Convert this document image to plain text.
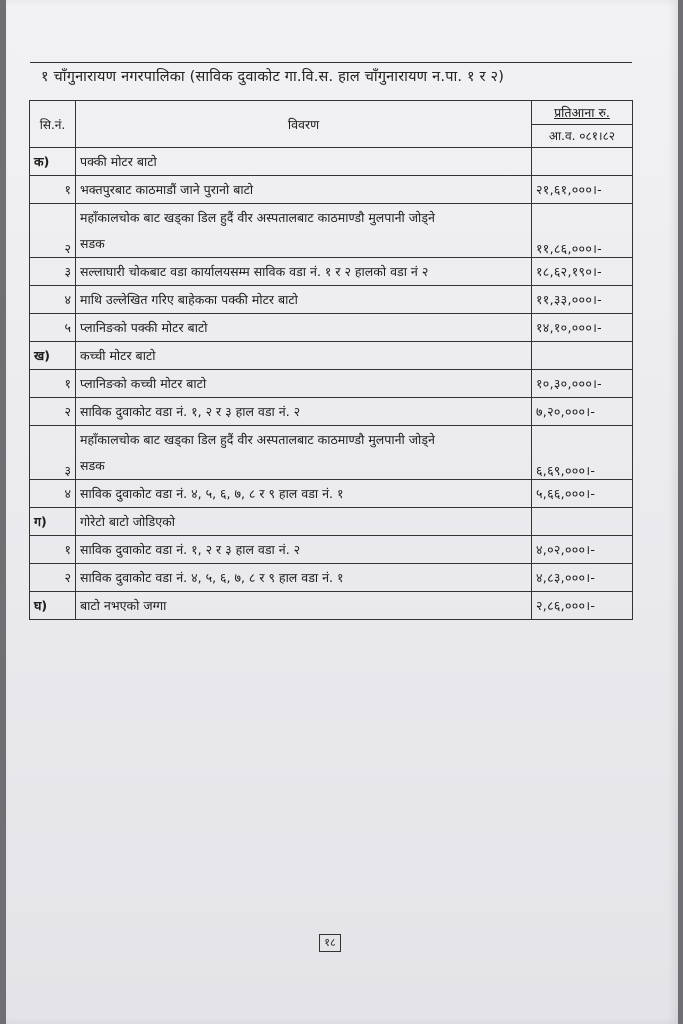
१ चाँगुनारायण नगरपालिका (साविक दुवाकोट गा.वि.स. हाल चाँगुनारायण न.पा. १ र २)
सि.नं.	विवरण	प्रतिआना रु.
आ.व. ०८१।८२

क)	पक्की मोटर बाटो	
१	भक्तपुरबाट काठमाडौं जाने पुरानो बाटो	२१,६१,०००।-
२	महाँकालचोक बाट खड्का डिल हुदैं वीर अस्पतालबाट काठमाण्डौ मुलपानी जोड्ने
सडक	११,८६,०००।-
३	सल्लाघारी चोकबाट वडा कार्यालयसम्म साविक वडा नं. १ र २ हालको वडा नं २	१८,६२,१९०।-
४	माथि उल्लेखित गरिए बाहेकका पक्की मोटर बाटो	११,३३,०००।-
५	प्लानिङको पक्की मोटर बाटो	१४,१०,०००।-
ख)	कच्ची मोटर बाटो	
१	प्लानिङको कच्ची मोटर बाटो	१०,३०,०००।-
२	साविक दुवाकोट वडा नं. १, २ र ३ हाल वडा नं. २	७,२०,०००।-
३	महाँकालचोक बाट खड्का डिल हुदैं वीर अस्पतालबाट काठमाण्डौ मुलपानी जोड्ने
सडक	६,६९,०००।-
४	साविक दुवाकोट वडा नं. ४, ५, ६, ७, ८ र ९ हाल वडा नं. १	५,६६,०००।-
ग)	गोरेटो बाटो जोडिएको	
१	साविक दुवाकोट वडा नं. १, २ र ३ हाल वडा नं. २	४,०२,०००।-
२	साविक दुवाकोट वडा नं. ४, ५, ६, ७, ८ र ९ हाल वडा नं. १	४,८३,०००।-
घ)	बाटो नभएको जग्गा	२,८६,०००।-
१८
